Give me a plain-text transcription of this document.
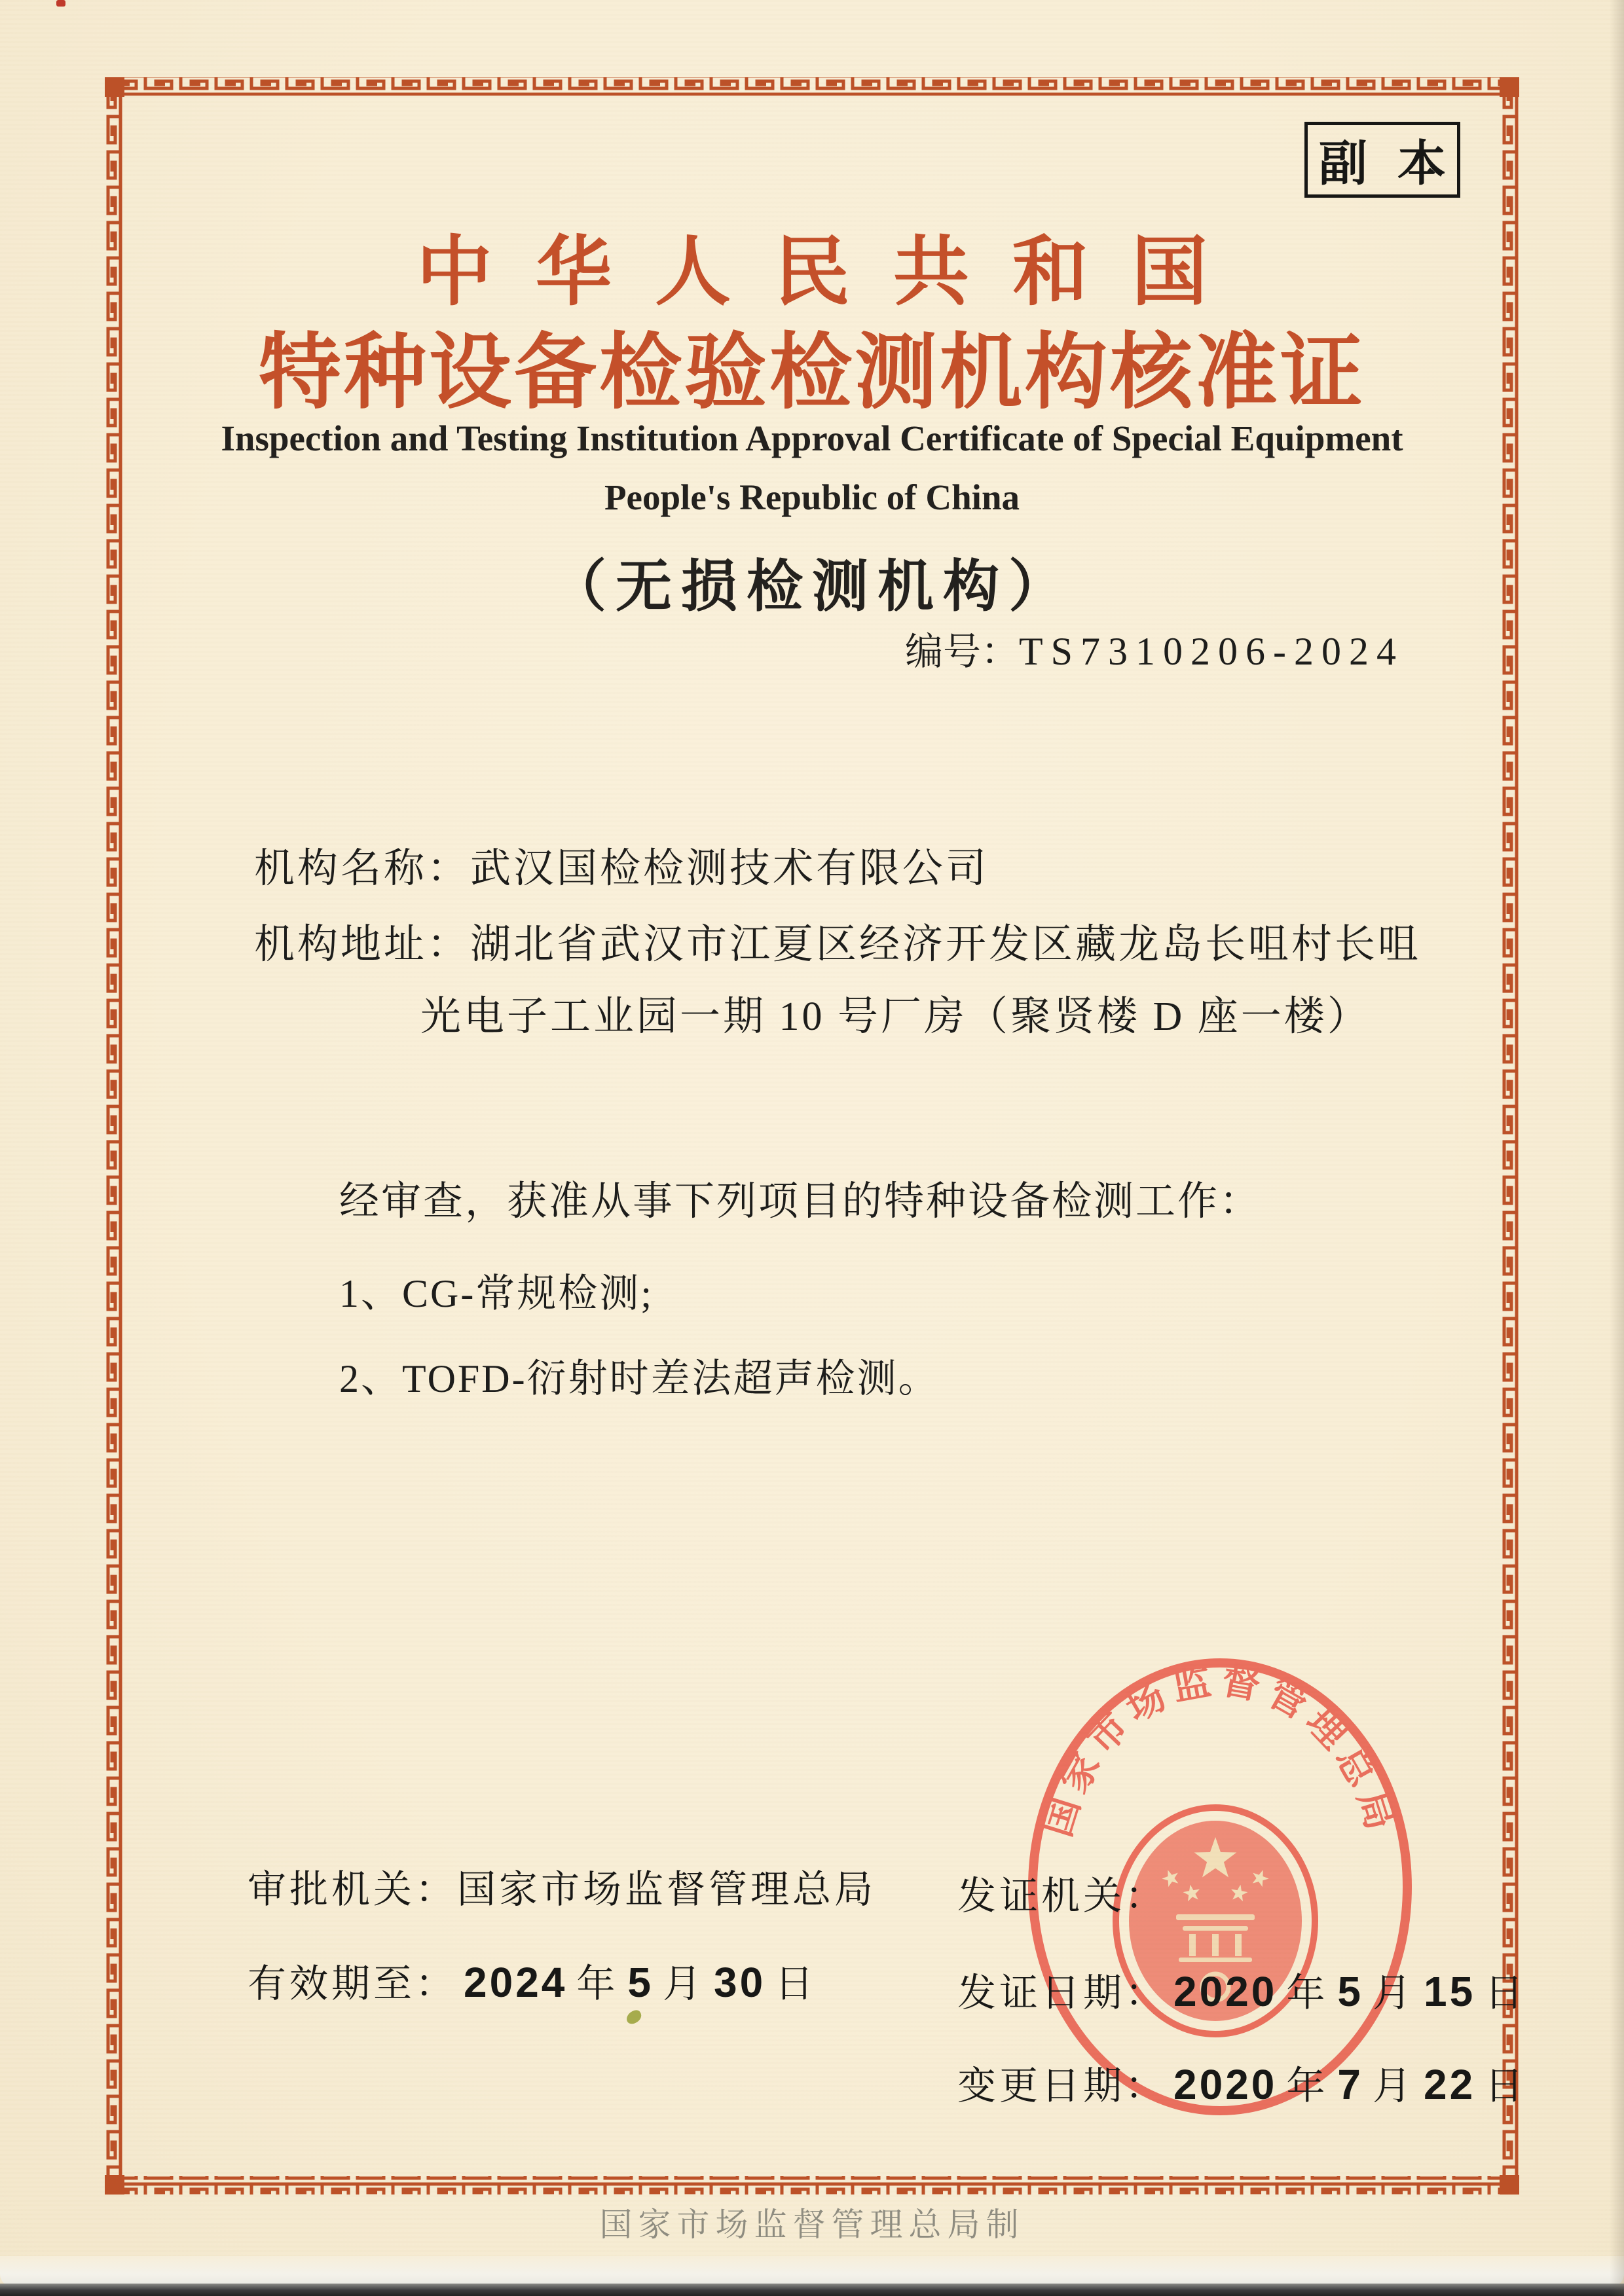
国家市场监督管理总局
副本
中华人民共和国
特种设备检验检测机构核准证
Inspection and Testing Institution Approval Certificate of Special Equipment
People's Republic of China
（无损检测机构）
编号：TS7310206-2024
机构名称：武汉国检检测技术有限公司
机构地址：湖北省武汉市江夏区经济开发区藏龙岛长咀村长咀
光电子工业园一期 10 号厂房（聚贤楼 D 座一楼）
经审查，获准从事下列项目的特种设备检测工作：
1、CG-常规检测;
2、TOFD-衍射时差法超声检测。
审批机关：国家市场监督管理总局
有效期至： 2024 年 5 月 30 日
发证机关：
发证日期： 2020 年 5 月 15 日
变更日期： 2020 年 7 月 22 日
国家市场监督管理总局制
